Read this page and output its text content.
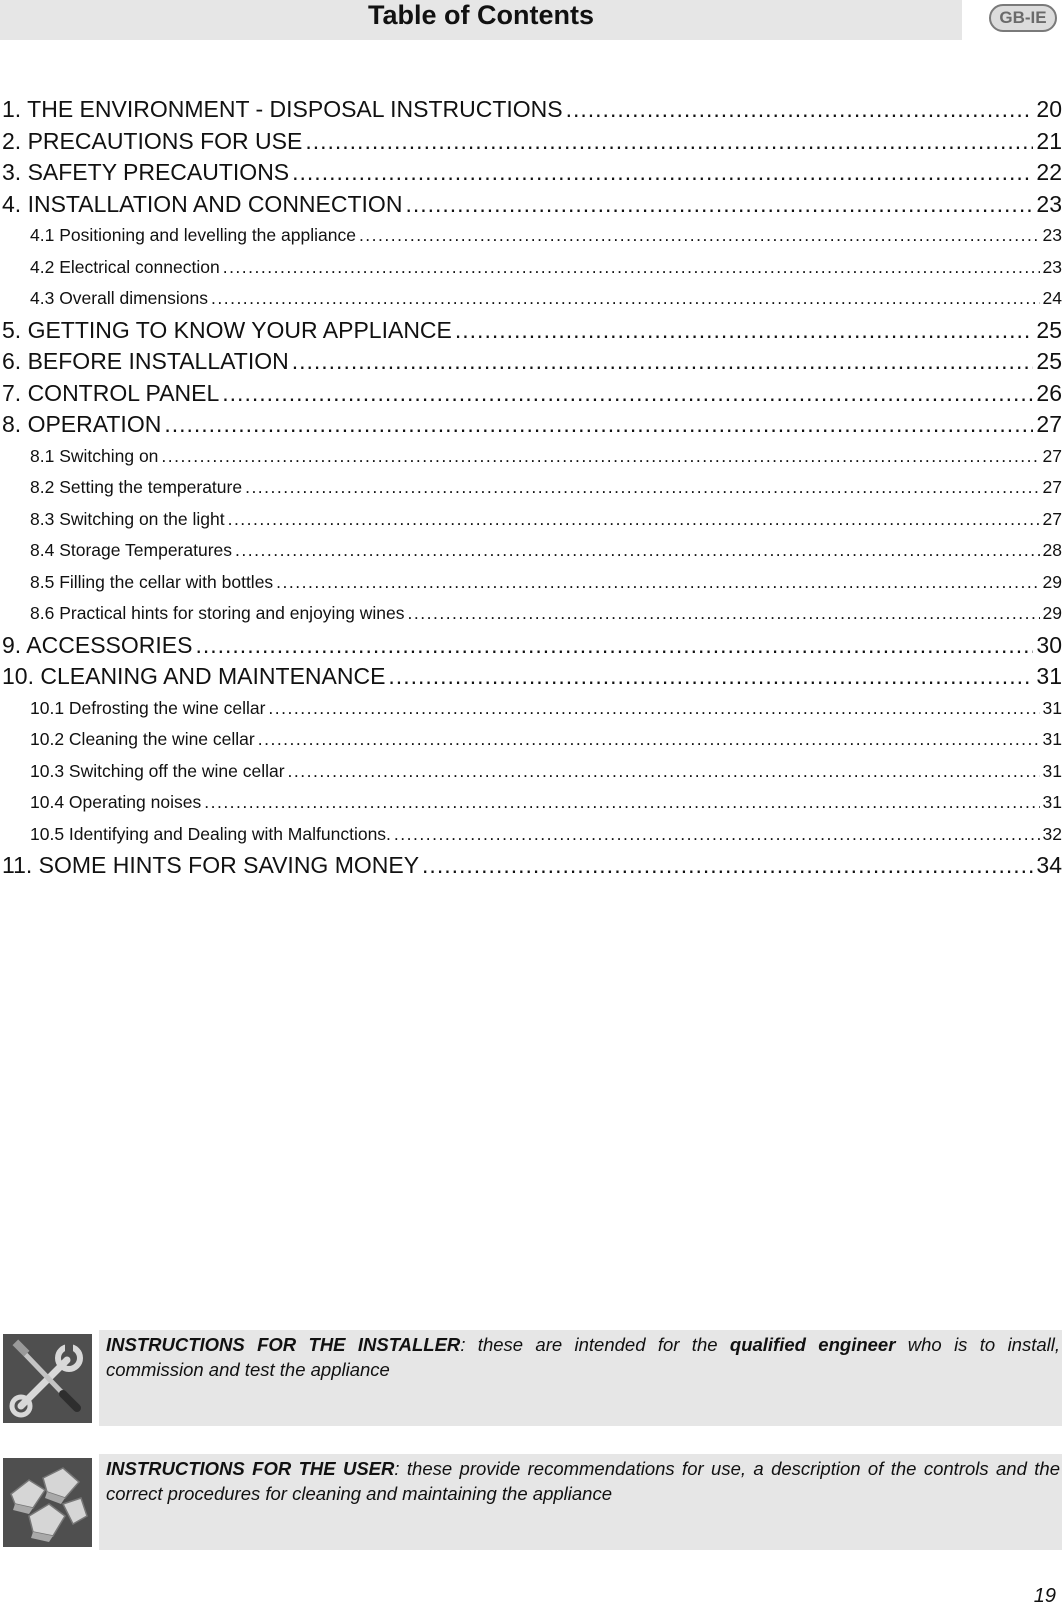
Table of Contents	GB-IE
1. THE ENVIRONMENT - DISPOSAL INSTRUCTIONS .....	20
2. PRECAUTIONS FOR USE .....	21
3. SAFETY PRECAUTIONS .....	22
4. INSTALLATION AND CONNECTION .....	23
4.1 Positioning and levelling the appliance .....	23
4.2 Electrical connection .....	23
4.3 Overall dimensions .....	24
5. GETTING TO KNOW YOUR APPLIANCE .....	25
6. BEFORE INSTALLATION .....	25
7. CONTROL PANEL .....	26
8. OPERATION .....	27
8.1 Switching on .....	27
8.2 Setting the temperature .....	27
8.3 Switching on the light .....	27
8.4 Storage Temperatures .....	28
8.5 Filling the cellar with bottles .....	29
8.6 Practical hints for storing and enjoying wines .....	29
9. ACCESSORIES .....	30
10. CLEANING AND MAINTENANCE .....	31
10.1 Defrosting the wine cellar .....	31
10.2 Cleaning the wine cellar .....	31
10.3 Switching off the wine cellar .....	31
10.4 Operating noises .....	31
10.5 Identifying and Dealing with Malfunctions. .....	32
11. SOME HINTS FOR SAVING MONEY .....	34
INSTRUCTIONS FOR THE INSTALLER: these are intended for the qualified engineer who is to install, commission and test the appliance
INSTRUCTIONS FOR THE USER: these provide recommendations for use, a description of the controls and the correct procedures for cleaning and maintaining the appliance
19
